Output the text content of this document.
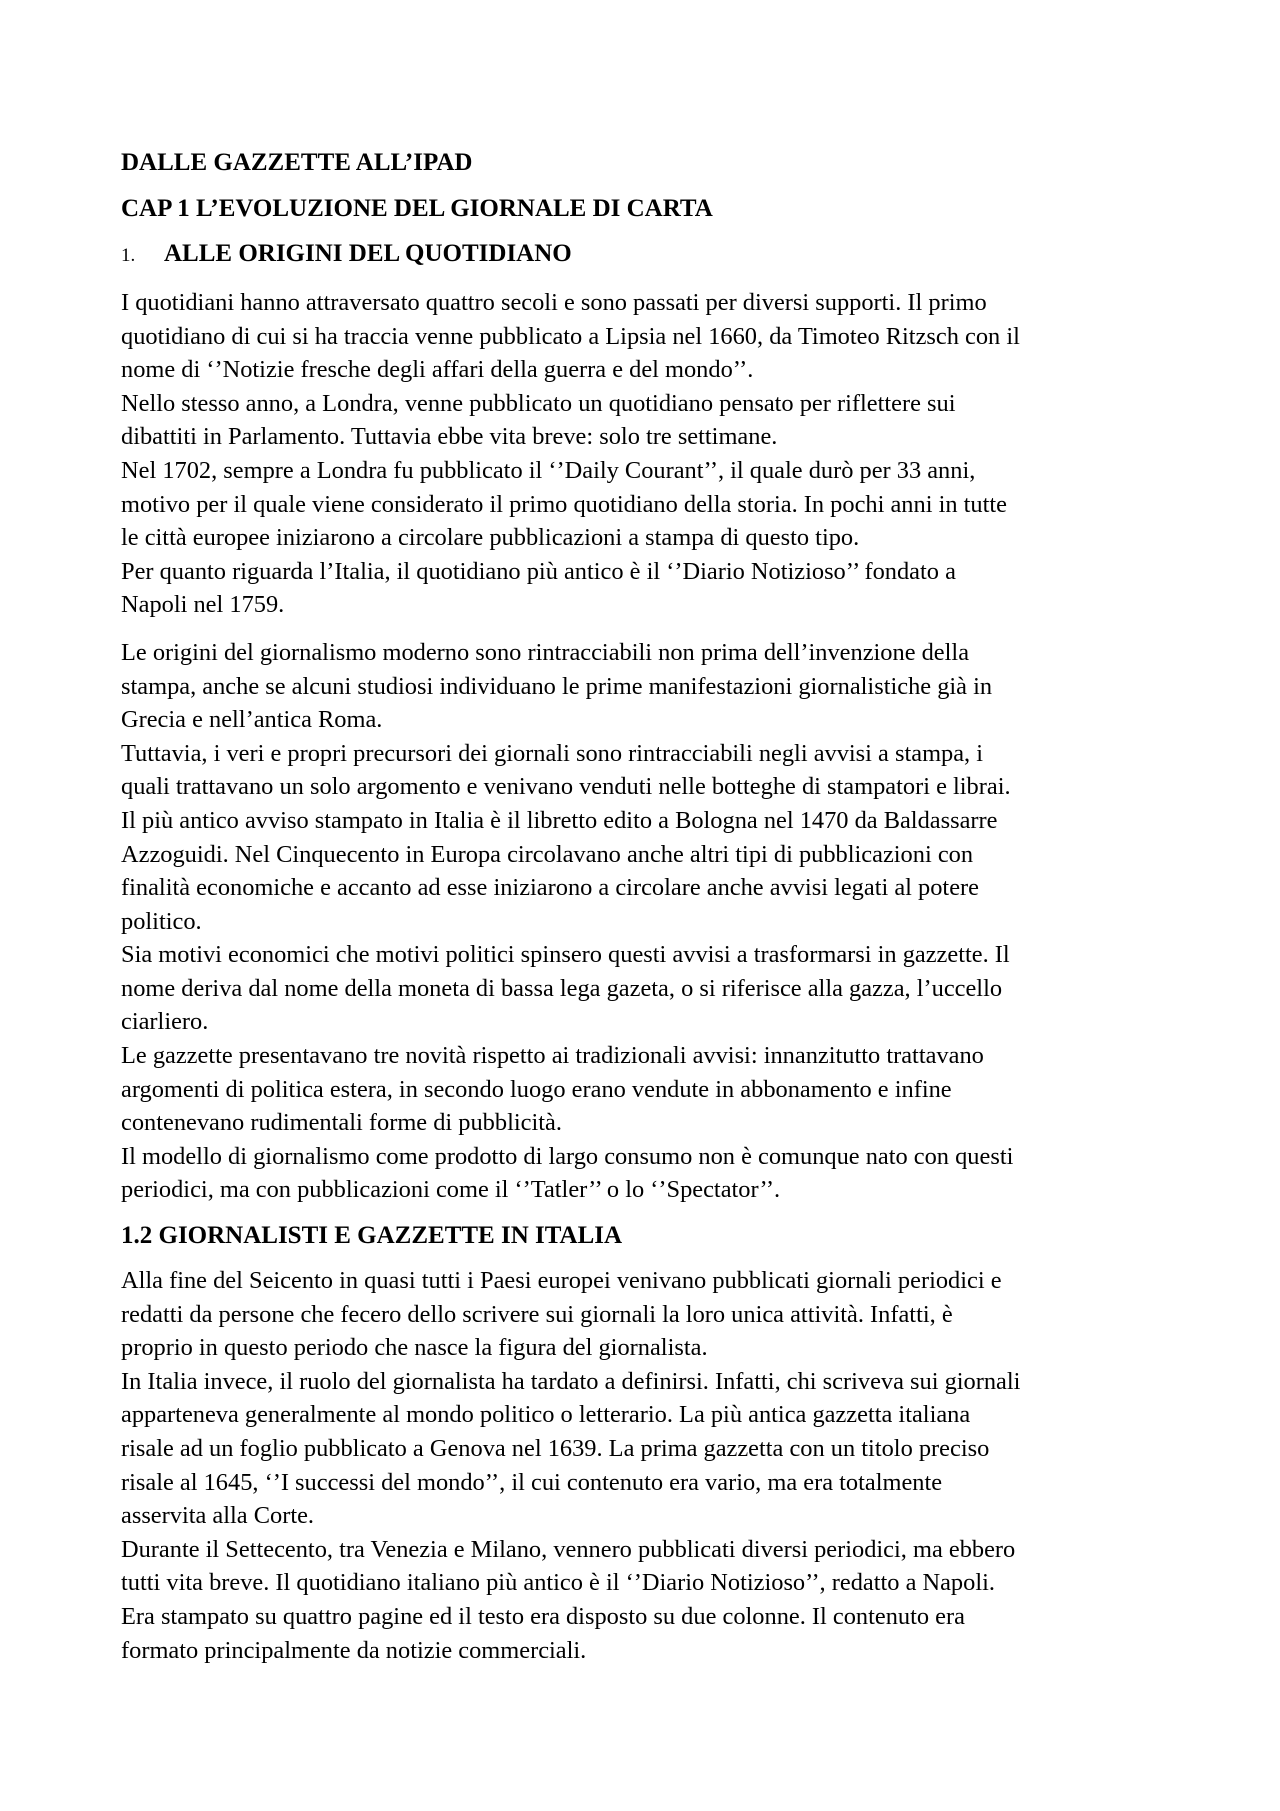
DALLE GAZZETTE ALL’IPAD
CAP 1 L’EVOLUZIONE DEL GIORNALE DI CARTA
1. ALLE ORIGINI DEL QUOTIDIANO
I quotidiani hanno attraversato quattro secoli e sono passati per diversi supporti. Il primo
quotidiano di cui si ha traccia venne pubblicato a Lipsia nel 1660, da Timoteo Ritzsch con il
nome di ‘’Notizie fresche degli affari della guerra e del mondo’’.
Nello stesso anno, a Londra, venne pubblicato un quotidiano pensato per riflettere sui
dibattiti in Parlamento. Tuttavia ebbe vita breve: solo tre settimane.
Nel 1702, sempre a Londra fu pubblicato il ‘’Daily Courant’’, il quale durò per 33 anni,
motivo per il quale viene considerato il primo quotidiano della storia. In pochi anni in tutte
le città europee iniziarono a circolare pubblicazioni a stampa di questo tipo.
Per quanto riguarda l’Italia, il quotidiano più antico è il ‘’Diario Notizioso’’ fondato a
Napoli nel 1759.
Le origini del giornalismo moderno sono rintracciabili non prima dell’invenzione della
stampa, anche se alcuni studiosi individuano le prime manifestazioni giornalistiche già in
Grecia e nell’antica Roma.
Tuttavia, i veri e propri precursori dei giornali sono rintracciabili negli avvisi a stampa, i
quali trattavano un solo argomento e venivano venduti nelle botteghe di stampatori e librai.
Il più antico avviso stampato in Italia è il libretto edito a Bologna nel 1470 da Baldassarre
Azzoguidi. Nel Cinquecento in Europa circolavano anche altri tipi di pubblicazioni con
finalità economiche e accanto ad esse iniziarono a circolare anche avvisi legati al potere
politico.
Sia motivi economici che motivi politici spinsero questi avvisi a trasformarsi in gazzette. Il
nome deriva dal nome della moneta di bassa lega gazeta, o si riferisce alla gazza, l’uccello
ciarliero.
Le gazzette presentavano tre novità rispetto ai tradizionali avvisi: innanzitutto trattavano
argomenti di politica estera, in secondo luogo erano vendute in abbonamento e infine
contenevano rudimentali forme di pubblicità.
Il modello di giornalismo come prodotto di largo consumo non è comunque nato con questi
periodici, ma con pubblicazioni come il ‘’Tatler’’ o lo ‘’Spectator’’.
1.2 GIORNALISTI E GAZZETTE IN ITALIA
Alla fine del Seicento in quasi tutti i Paesi europei venivano pubblicati giornali periodici e
redatti da persone che fecero dello scrivere sui giornali la loro unica attività. Infatti, è
proprio in questo periodo che nasce la figura del giornalista.
In Italia invece, il ruolo del giornalista ha tardato a definirsi. Infatti, chi scriveva sui giornali
apparteneva generalmente al mondo politico o letterario. La più antica gazzetta italiana
risale ad un foglio pubblicato a Genova nel 1639. La prima gazzetta con un titolo preciso
risale al 1645, ‘’I successi del mondo’’, il cui contenuto era vario, ma era totalmente
asservita alla Corte.
Durante il Settecento, tra Venezia e Milano, vennero pubblicati diversi periodici, ma ebbero
tutti vita breve. Il quotidiano italiano più antico è il ‘’Diario Notizioso’’, redatto a Napoli.
Era stampato su quattro pagine ed il testo era disposto su due colonne. Il contenuto era
formato principalmente da notizie commerciali.
